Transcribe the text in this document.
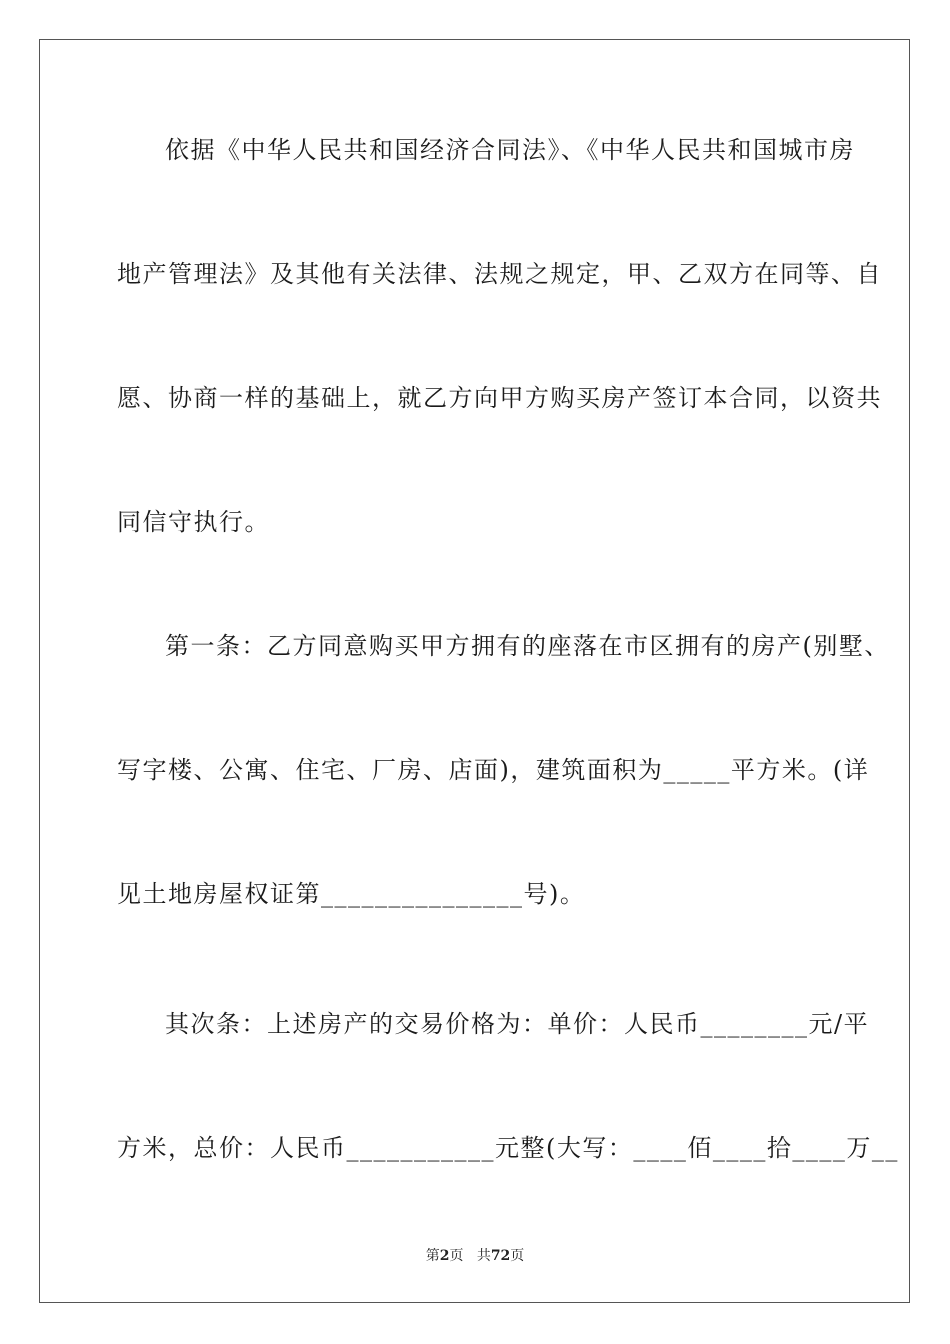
依据《中华人民共和国经济合同法》、《中华人民共和国城市房
地产管理法》及其他有关法律、法规之规定，甲、乙双方在同等、自
愿、协商一样的基础上，就乙方向甲方购买房产签订本合同，以资共
同信守执行。
第一条：乙方同意购买甲方拥有的座落在市区拥有的房产(别墅、
写字楼、公寓、住宅、厂房、店面)，建筑面积为_____平方米。(详
见土地房屋权证第_______________号)。
其次条：上述房产的交易价格为：单价：人民币________元/平
方米，总价：人民币___________元整(大写：____佰____拾____万__
第2页 共72页
